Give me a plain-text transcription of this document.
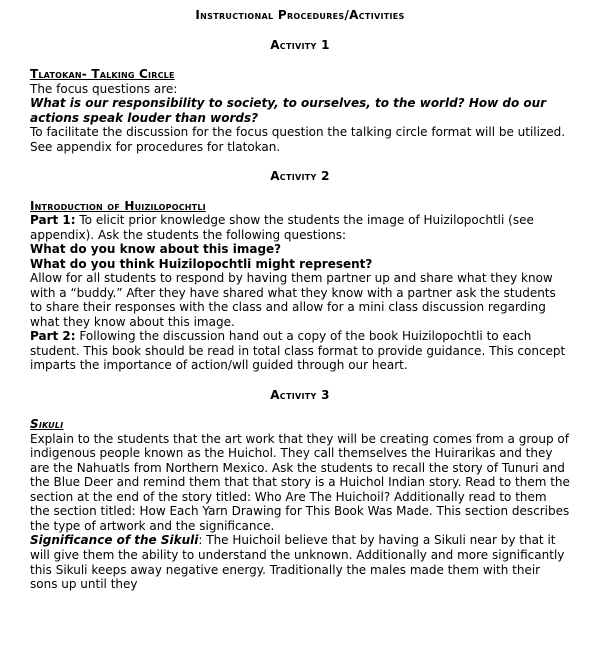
Instructional Procedures/Activities
Activity 1
Tlatokan- Talking Circle

The focus questions are:

What is our responsibility to society, to ourselves, to the world? How do our actions speak louder than words?

To facilitate the discussion for the focus question the talking circle format will be utilized. See appendix for procedures for tlatokan.

Activity 2
Introduction of Huizilopochtli

Part 1: To elicit prior knowledge show the students the image of Huizilopochtli (see appendix). Ask the students the following questions:

What do you know about this image?

What do you think Huizilopochtli might represent?

Allow for all students to respond by having them partner up and share what they know with a “buddy.” After they have shared what they know with a partner ask the students to share their responses with the class and allow for a mini class discussion regarding what they know about this image.

Part 2: Following the discussion hand out a copy of the book Huizilopochtli to each student. This book should be read in total class format to provide guidance. This concept imparts the importance of action/wll guided through our heart.

Activity 3
Sikuli

Explain to the students that the art work that they will be creating comes from a group of indigenous people known as the Huichol. They call themselves the Huirarikas and they are the Nahuatls from Northern Mexico. Ask the students to recall the story of Tunuri and the Blue Deer and remind them that that story is a Huichol Indian story. Read to them the section at the end of the story titled: Who Are The Huichoil? Additionally read to them the section titled: How Each Yarn Drawing for This Book Was Made. This section describes the type of artwork and the significance.

Significance of the Sikuli: The Huichoil believe that by having a Sikuli near by that it will give them the ability to understand the unknown. Additionally and more significantly this Sikuli keeps away negative energy. Traditionally the males made them with their sons up until they
